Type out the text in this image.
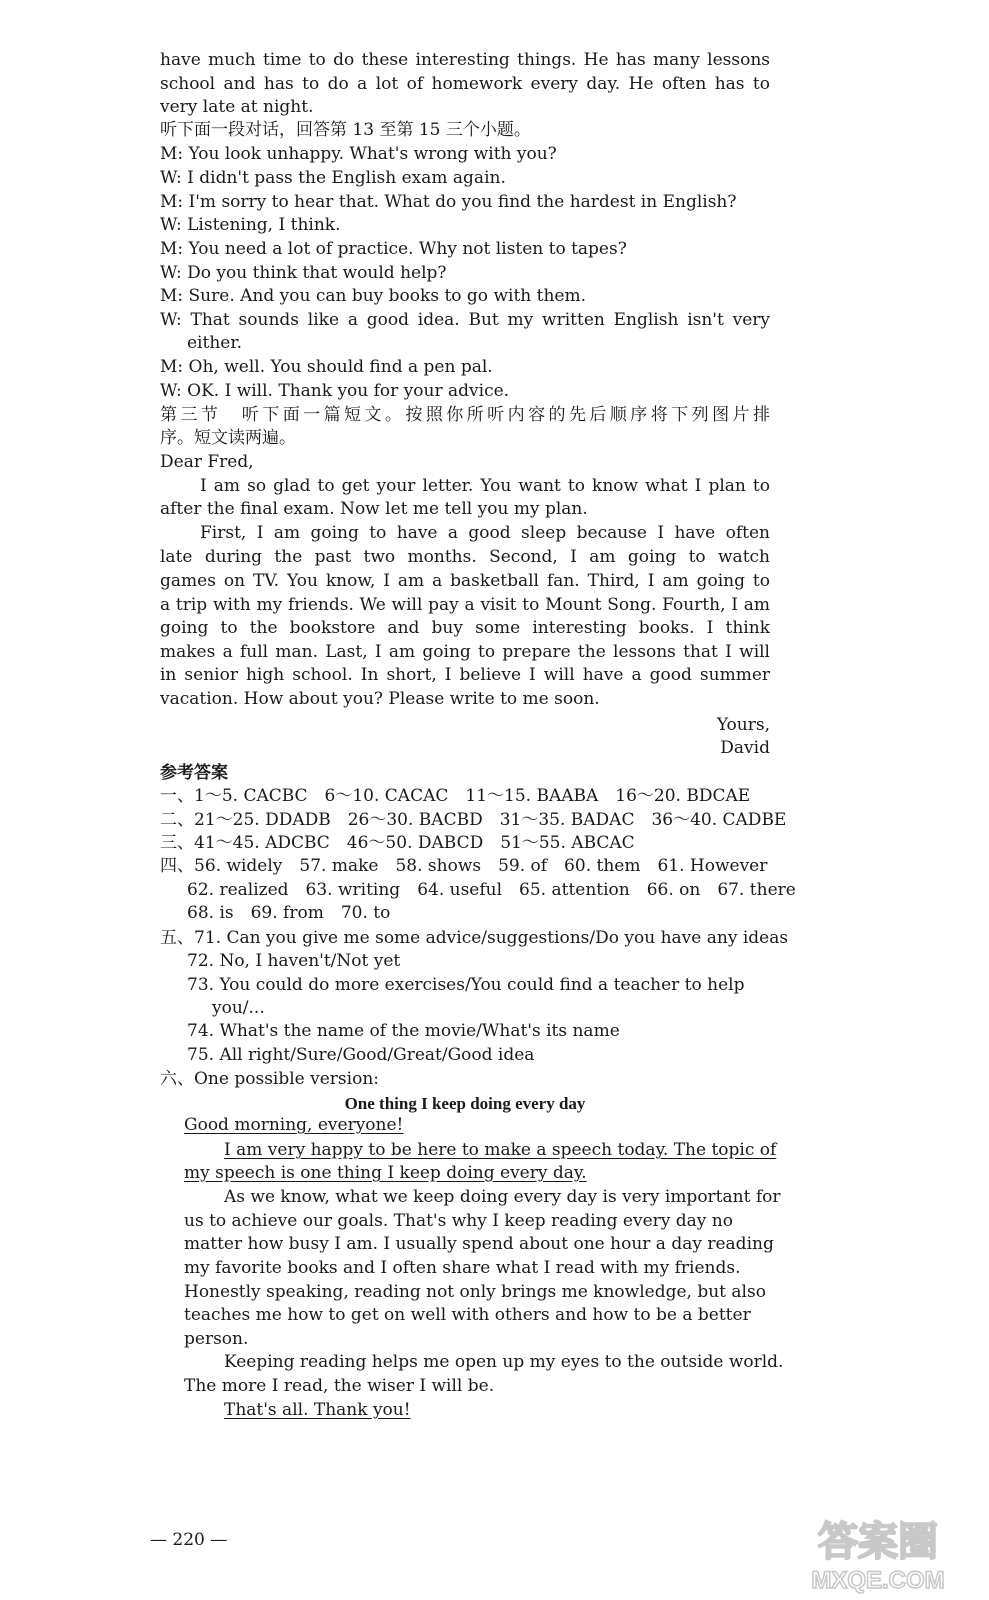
have much time to do these interesting things. He has many lessons
school and has to do a lot of homework every day. He often has to
very late at night.
听下面一段对话，回答第 13 至第 15 三个小题。
M: You look unhappy. What's wrong with you?
W: I didn't pass the English exam again.
M: I'm sorry to hear that. What do you find the hardest in English?
W: Listening, I think.
M: You need a lot of practice. Why not listen to tapes?
W: Do you think that would help?
M: Sure. And you can buy books to go with them.
W: That sounds like a good idea. But my written English isn't very
either.
M: Oh, well. You should find a pen pal.
W: OK. I will. Thank you for your advice.
第三节　听下面一篇短文。按照你所听内容的先后顺序将下列图片排
序。短文读两遍。
Dear Fred,
I am so glad to get your letter. You want to know what I plan to
after the final exam. Now let me tell you my plan.
First, I am going to have a good sleep because I have often
late during the past two months. Second, I am going to watch
games on TV. You know, I am a basketball fan. Third, I am going to
a trip with my friends. We will pay a visit to Mount Song. Fourth, I am
going to the bookstore and buy some interesting books. I think
makes a full man. Last, I am going to prepare the lessons that I will
in senior high school. In short, I believe I will have a good summer
vacation. How about you? Please write to me soon.
Yours,
David
参考答案
一、1～5. CACBC　6～10. CACAC　11～15. BAABA　16～20. BDCAE
二、21～25. DDADB　26～30. BACBD　31～35. BADAC　36～40. CADBE
三、41～45. ADCBC　46～50. DABCD　51～55. ABCAC
四、56. widely　57. make　58. shows　59. of　60. them　61. However
62. realized　63. writing　64. useful　65. attention　66. on　67. there
68. is　69. from　70. to
五、71. Can you give me some advice/suggestions/Do you have any ideas
72. No, I haven't/Not yet
73. You could do more exercises/You could find a teacher to help
you/...
74. What's the name of the movie/What's its name
75. All right/Sure/Good/Great/Good idea
六、One possible version:
One thing I keep doing every day
Good morning, everyone!
I am very happy to be here to make a speech today. The topic of
my speech is one thing I keep doing every day.
As we know, what we keep doing every day is very important for
us to achieve our goals. That's why I keep reading every day no
matter how busy I am. I usually spend about one hour a day reading
my favorite books and I often share what I read with my friends.
Honestly speaking, reading not only brings me knowledge, but also
teaches me how to get on well with others and how to be a better
person.
Keeping reading helps me open up my eyes to the outside world.
The more I read, the wiser I will be.
That's all. Thank you!
— 220 —	答案圈
MXQE.COM
